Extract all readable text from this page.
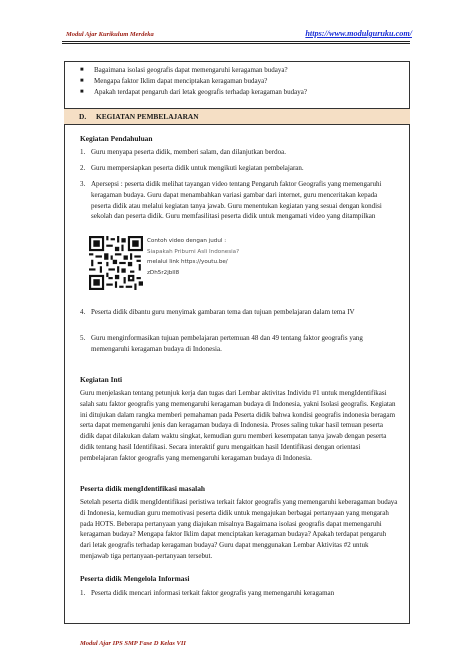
Modul Ajar Kurikulum Merdeka	https://www.modulguruku.com/
■	Bagaimana isolasi geografis dapat memengaruhi keragaman budaya?
■	Mengapa faktor Iklim dapat menciptakan keragaman budaya?
■	Apakah terdapat pengaruh dari letak geografis terhadap keragaman budaya?
D. KEGIATAN PEMBELAJARAN
Kegiatan Pendahuluan
1. Guru menyapa peserta didik, memberi salam, dan dilanjutkan berdoa.
2. Guru mempersiapkan peserta didik untuk mengikuti kegiatan pembelajaran.
3. Apersepsi : peserta didik melihat tayangan video tentang Pengaruh faktor Geografis yang memengaruhi keragaman budaya. Guru dapat menambahkan variasi gambar dari internet, guru menceritakan kepada peserta didik atau melalui kegiatan tanya jawab. Guru menentukan kegiatan yang sesuai dengan kondisi sekolah dan peserta didik. Guru memfasilitasi peserta didik untuk mengamati video yang ditampilkan
Contoh video dengan judul :
Siapakah Pribumi Asli Indonesia?
melalui link https://youtu.be/
zDh5r2jbII8
4. Peserta didik dibantu guru menyimak gambaran tema dan tujuan pembelajaran dalam tema IV
5. Guru menginformasikan tujuan pembelajaran pertemuan 48 dan 49 tentang faktor geografis yang memengaruhi keragaman budaya di Indonesia.
Kegiatan Inti
Guru menjelaskan tentang petunjuk kerja dan tugas dari Lembar aktivitas Individu #1 untuk mengIdentifikasi salah satu faktor geografis yang memengaruhi keragaman budaya di Indonesia, yakni Isolasi geografis. Kegiatan ini ditujukan dalam rangka memberi pemahaman pada Peserta didik bahwa kondisi geografis indonesia beragam serta dapat memengaruhi jenis dan keragaman budaya di Indonesia. Proses saling tukar hasil temuan peserta didik dapat dilakukan dalam waktu singkat, kemudian guru memberi kesempatan tanya jawab dengan peserta didik tentang hasil Identifikasi. Secara interaktif guru mengaitkan hasil Identifikasi dengan orientasi pembelajaran faktor geografis yang memengaruhi keragaman budaya di Indonesia.
Peserta didik mengIdentifikasi masalah
Setelah peserta didik mengIdentifikasi peristiwa terkait faktor geografis yang memengaruhi keberagaman budaya di Indonesia, kemudian guru memotivasi peserta didik untuk mengajukan berbagai pertanyaan yang mengarah pada HOTS. Beberapa pertanyaan yang diajukan misalnya Bagaimana isolasi geografis dapat memengaruhi keragaman budaya? Mengapa faktor Iklim dapat menciptakan keragaman budaya? Apakah terdapat pengaruh dari letak geografis terhadap keragaman budaya? Guru dapat menggunakan Lembar Aktivitas #2 untuk menjawab tiga pertanyaan-pertanyaan tersebut.
Peserta didik Mengelola Informasi
1. Peserta didik mencari informasi terkait faktor geografis yang memengaruhi keragaman
Modul Ajar IPS SMP Fase D Kelas VII
